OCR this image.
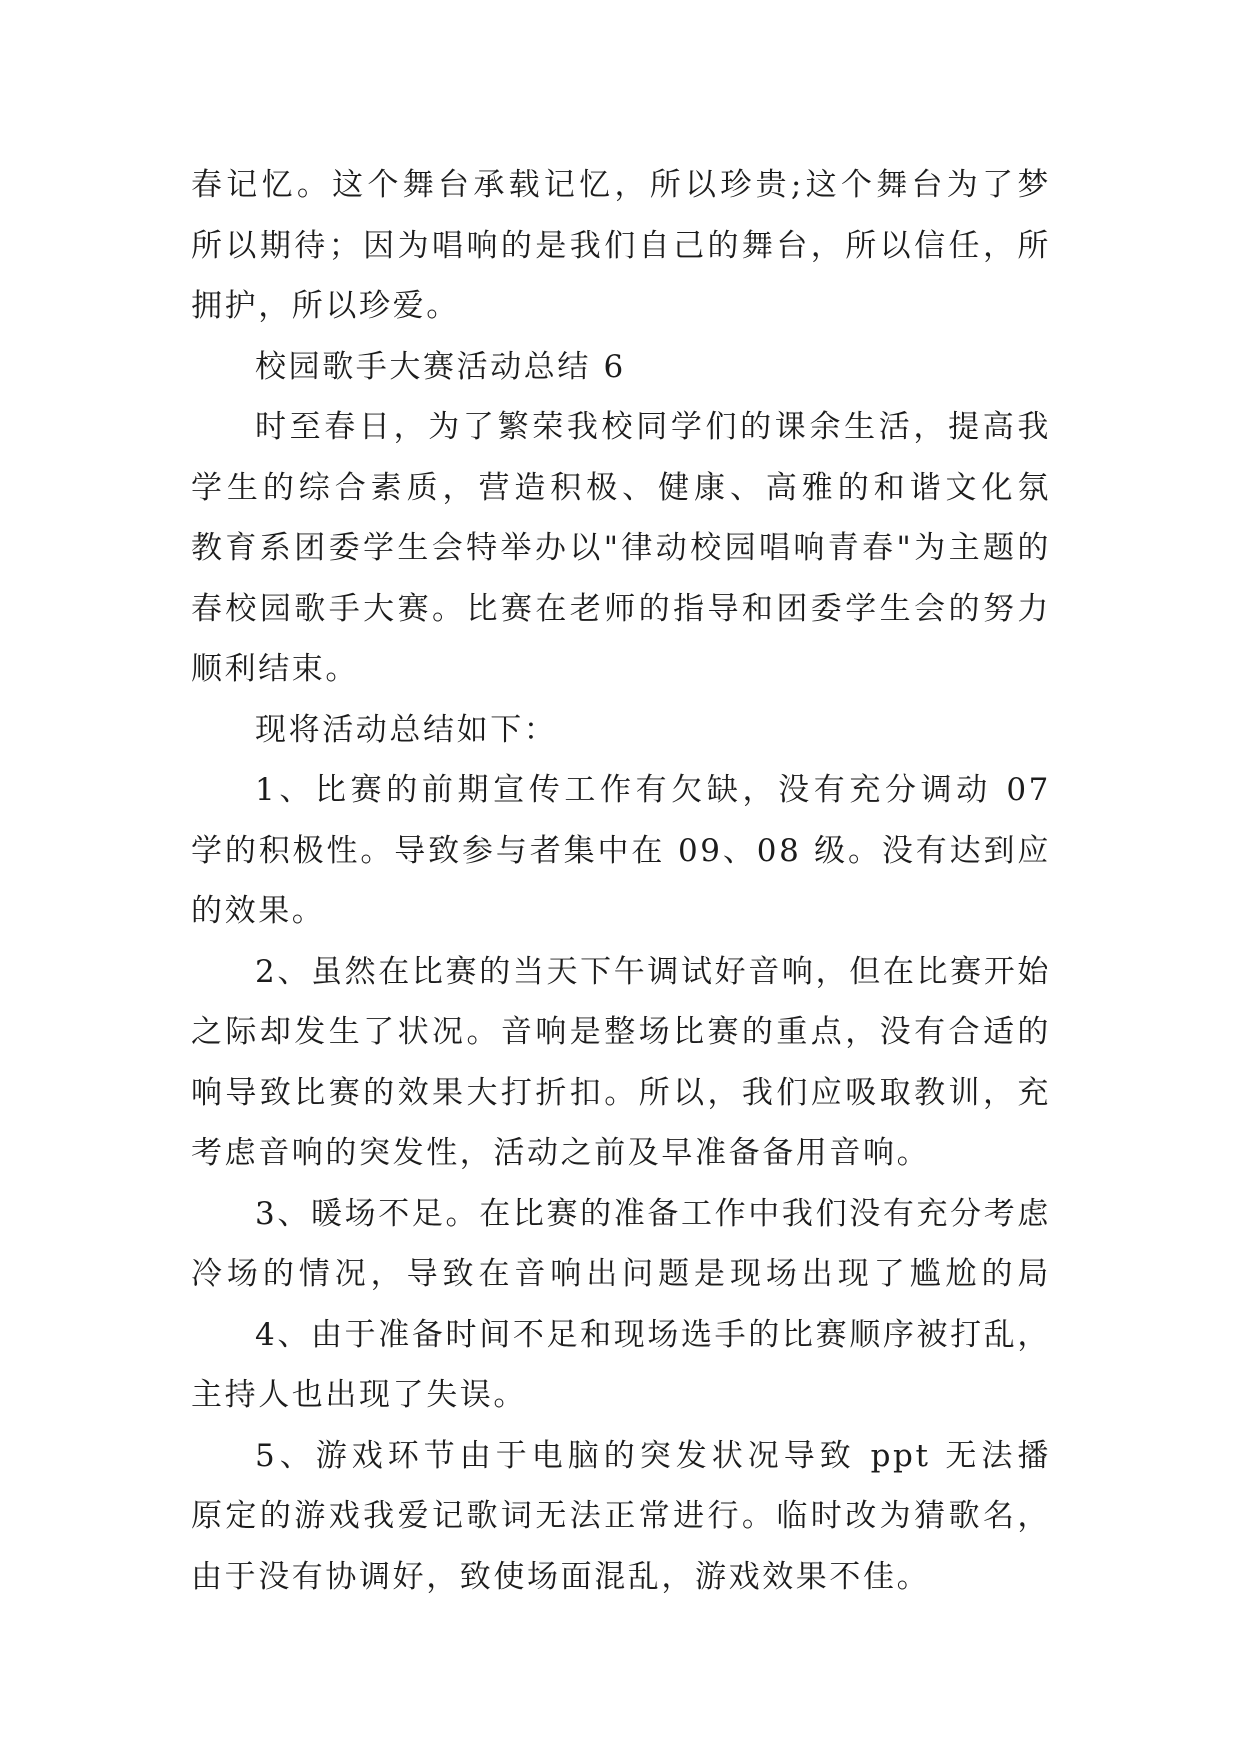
春记忆。这个舞台承载记忆，所以珍贵;这个舞台为了梦
所以期待；因为唱响的是我们自己的舞台，所以信任，所
拥护，所以珍爱。
校园歌手大赛活动总结 6
时至春日，为了繁荣我校同学们的课余生活，提高我
学生的综合素质，营造积极、健康、高雅的和谐文化氛
教育系团委学生会特举办以"律动校园唱响青春"为主题的
春校园歌手大赛。比赛在老师的指导和团委学生会的努力
顺利结束。
现将活动总结如下：
1、比赛的前期宣传工作有欠缺，没有充分调动 07
学的积极性。导致参与者集中在 09、08 级。没有达到应
的效果。
2、虽然在比赛的当天下午调试好音响，但在比赛开始
之际却发生了状况。音响是整场比赛的重点，没有合适的
响导致比赛的效果大打折扣。所以，我们应吸取教训，充
考虑音响的突发性，活动之前及早准备备用音响。
3、暖场不足。在比赛的准备工作中我们没有充分考虑
冷场的情况，导致在音响出问题是现场出现了尴尬的局
4、由于准备时间不足和现场选手的比赛顺序被打乱，
主持人也出现了失误。
5、游戏环节由于电脑的突发状况导致 ppt 无法播
原定的游戏我爱记歌词无法正常进行。临时改为猜歌名，
由于没有协调好，致使场面混乱，游戏效果不佳。
